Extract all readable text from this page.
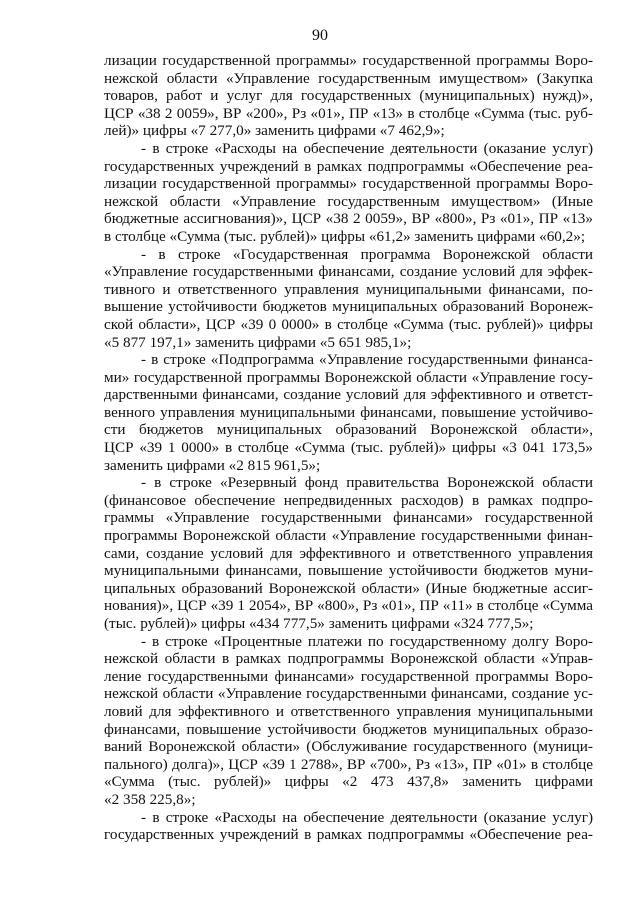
90
лизации государственной программы» государственной программы Воро-
нежской области «Управление государственным имуществом» (Закупка
товаров, работ и услуг для государственных (муниципальных) нужд)»,
ЦСР «38 2 0059», ВР «200», Рз «01», ПР «13» в столбце «Сумма (тыс. руб-
лей)» цифры «7 277,0» заменить цифрами «7 462,9»;
- в строке «Расходы на обеспечение деятельности (оказание услуг)
государственных учреждений в рамках подпрограммы «Обеспечение реа-
лизации государственной программы» государственной программы Воро-
нежской области «Управление государственным имуществом» (Иные
бюджетные ассигнования)», ЦСР «38 2 0059», ВР «800», Рз «01», ПР «13»
в столбце «Сумма (тыс. рублей)» цифры «61,2» заменить цифрами «60,2»;
- в строке «Государственная программа Воронежской области
«Управление государственными финансами, создание условий для эффек-
тивного и ответственного управления муниципальными финансами, по-
вышение устойчивости бюджетов муниципальных образований Воронеж-
ской области», ЦСР «39 0 0000» в столбце «Сумма (тыс. рублей)» цифры
«5 877 197,1» заменить цифрами «5 651 985,1»;
- в строке «Подпрограмма «Управление государственными финанса-
ми» государственной программы Воронежской области «Управление госу-
дарственными финансами, создание условий для эффективного и ответст-
венного управления муниципальными финансами, повышение устойчиво-
сти бюджетов муниципальных образований Воронежской области»,
ЦСР «39 1 0000» в столбце «Сумма (тыс. рублей)» цифры «3 041 173,5»
заменить цифрами «2 815 961,5»;
- в строке «Резервный фонд правительства Воронежской области
(финансовое обеспечение непредвиденных расходов) в рамках подпро-
граммы «Управление государственными финансами» государственной
программы Воронежской области «Управление государственными финан-
сами, создание условий для эффективного и ответственного управления
муниципальными финансами, повышение устойчивости бюджетов муни-
ципальных образований Воронежской области» (Иные бюджетные ассиг-
нования)», ЦСР «39 1 2054», ВР «800», Рз «01», ПР «11» в столбце «Сумма
(тыс. рублей)» цифры «434 777,5» заменить цифрами «324 777,5»;
- в строке «Процентные платежи по государственному долгу Воро-
нежской области в рамках подпрограммы Воронежской области «Управ-
ление государственными финансами» государственной программы Воро-
нежской области «Управление государственными финансами, создание ус-
ловий для эффективного и ответственного управления муниципальными
финансами, повышение устойчивости бюджетов муниципальных образо-
ваний Воронежской области» (Обслуживание государственного (муници-
пального) долга)», ЦСР «39 1 2788», ВР «700», Рз «13», ПР «01» в столбце
«Сумма (тыс. рублей)» цифры «2 473 437,8» заменить цифрами
«2 358 225,8»;
- в строке «Расходы на обеспечение деятельности (оказание услуг)
государственных учреждений в рамках подпрограммы «Обеспечение реа-
